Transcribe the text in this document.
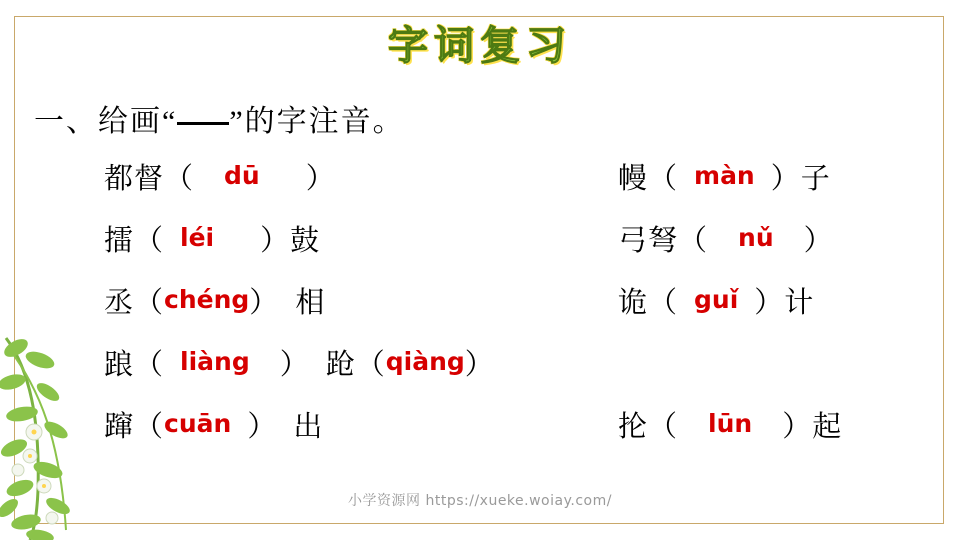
字词复习
一、给画“ ”的字注音。
都督（ dū ）	幔（ màn ）子
擂（ léi ）鼓	弓弩（ nǔ ）
丞（chéng） 相	诡（ guǐ ）计
踉（ liàng ） 跄（qiàng）
蹿（cuān ） 出	抡（ lūn ）起
小学资源网 https://xueke.woiay.com/
